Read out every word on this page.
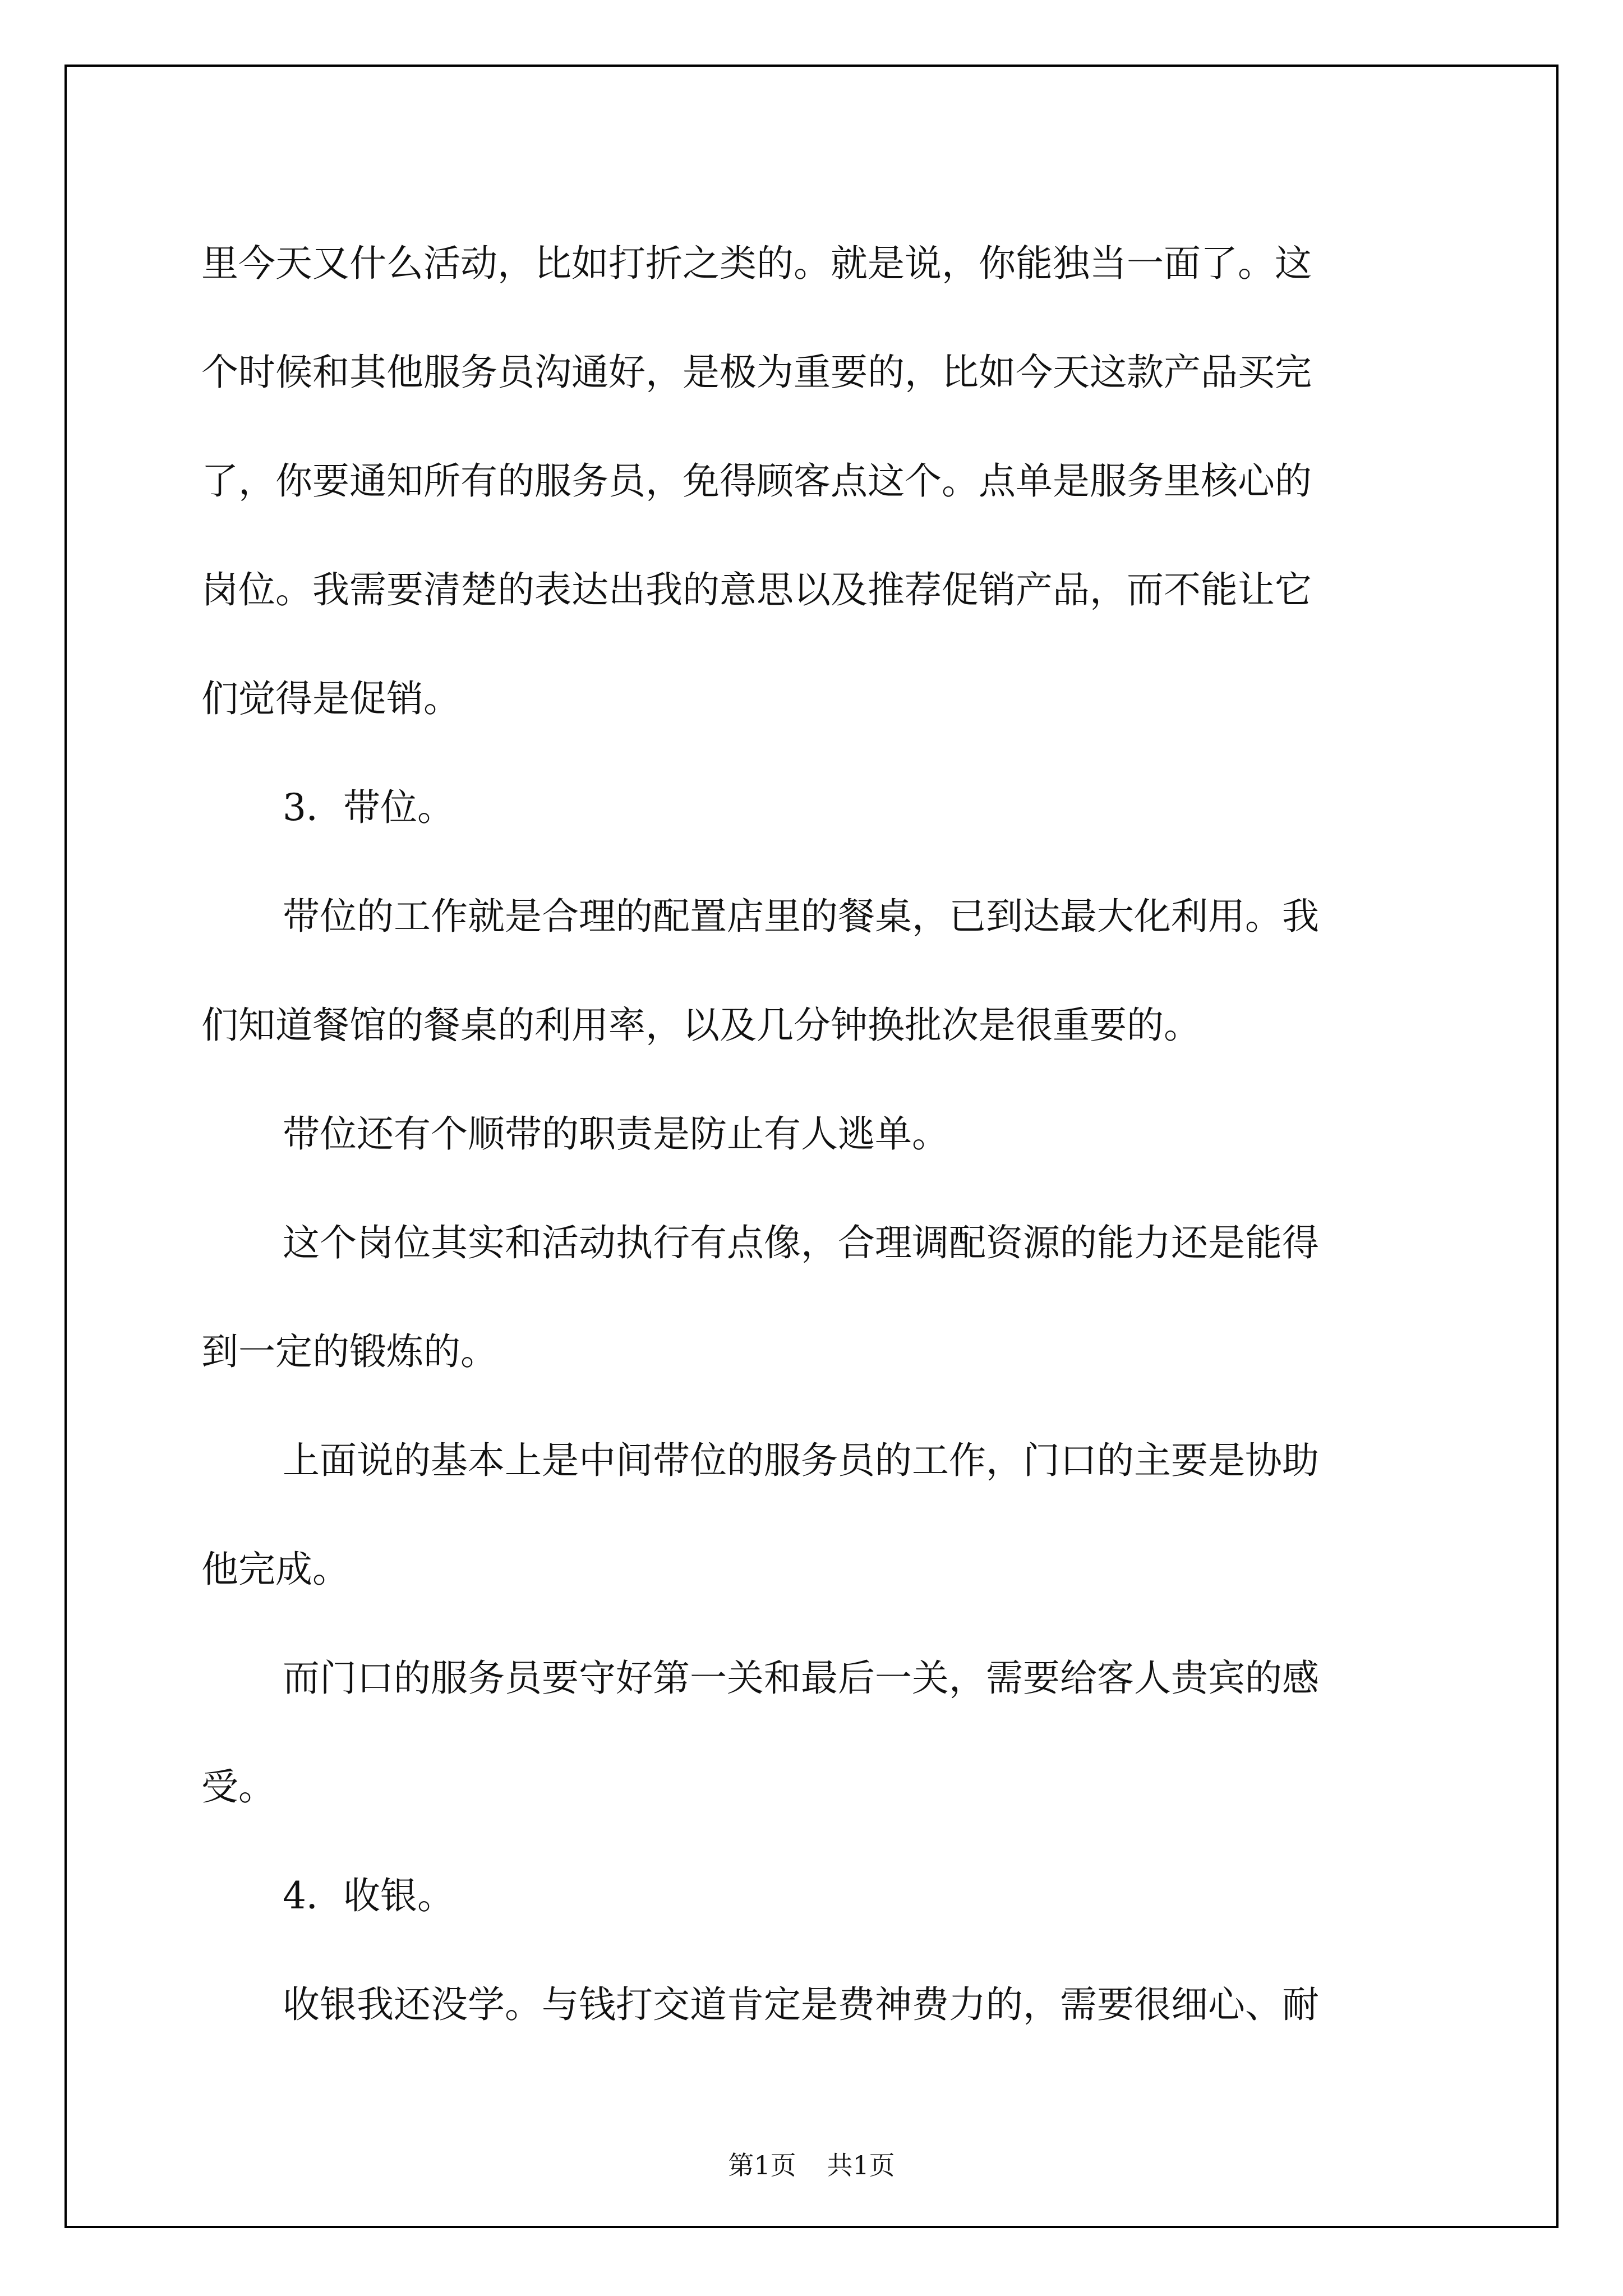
里今天又什么活动，比如打折之类的。就是说，你能独当一面了。这
个时候和其他服务员沟通好，是极为重要的，比如今天这款产品买完
了，你要通知所有的服务员，免得顾客点这个。点单是服务里核心的
岗位。我需要清楚的表达出我的意思以及推荐促销产品，而不能让它
们觉得是促销。
3．带位。
带位的工作就是合理的配置店里的餐桌，已到达最大化利用。我
们知道餐馆的餐桌的利用率，以及几分钟换批次是很重要的。
带位还有个顺带的职责是防止有人逃单。
这个岗位其实和活动执行有点像，合理调配资源的能力还是能得
到一定的锻炼的。
上面说的基本上是中间带位的服务员的工作，门口的主要是协助
他完成。
而门口的服务员要守好第一关和最后一关，需要给客人贵宾的感
受。
4．收银。
收银我还没学。与钱打交道肯定是费神费力的，需要很细心、耐
第1页 共1页
